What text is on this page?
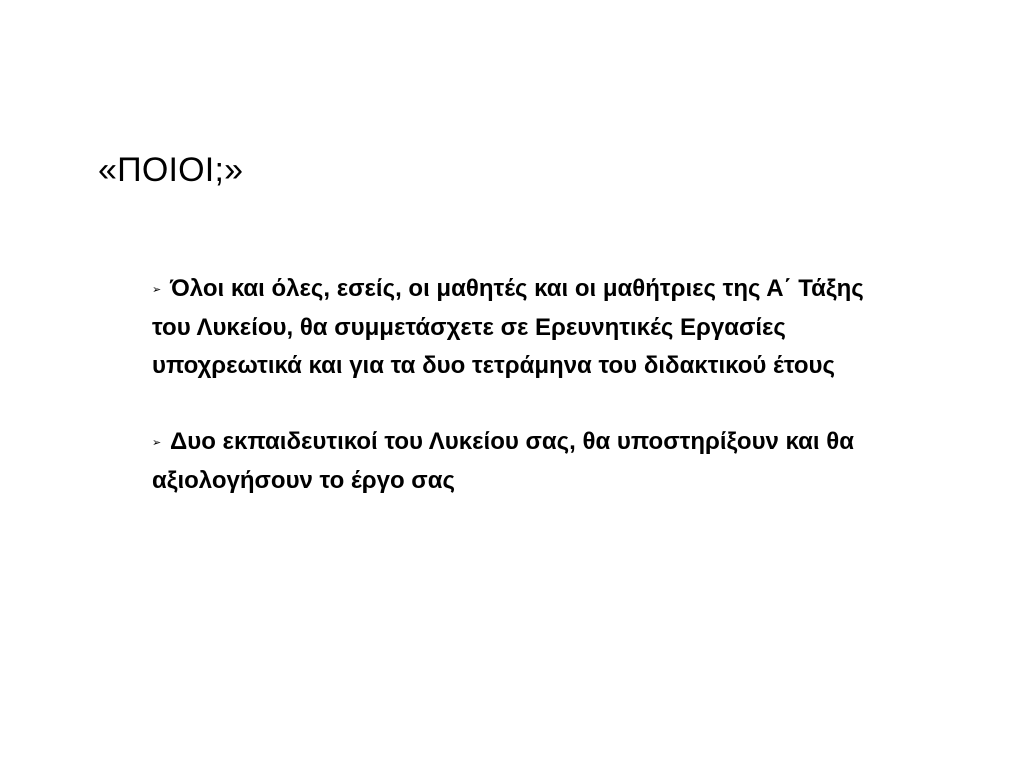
«ΠΟΙΟΙ;»

➢ Όλοι και όλες, εσείς, οι μαθητές και οι μαθήτριες της Α΄ Τάξης του Λυκείου, θα συμμετάσχετε σε Ερευνητικές Εργασίες υποχρεωτικά και για τα δυο τετράμηνα του διδακτικού έτους

➢ Δυο εκπαιδευτικοί του Λυκείου σας, θα υποστηρίξουν και θα αξιολογήσουν το έργο σας
